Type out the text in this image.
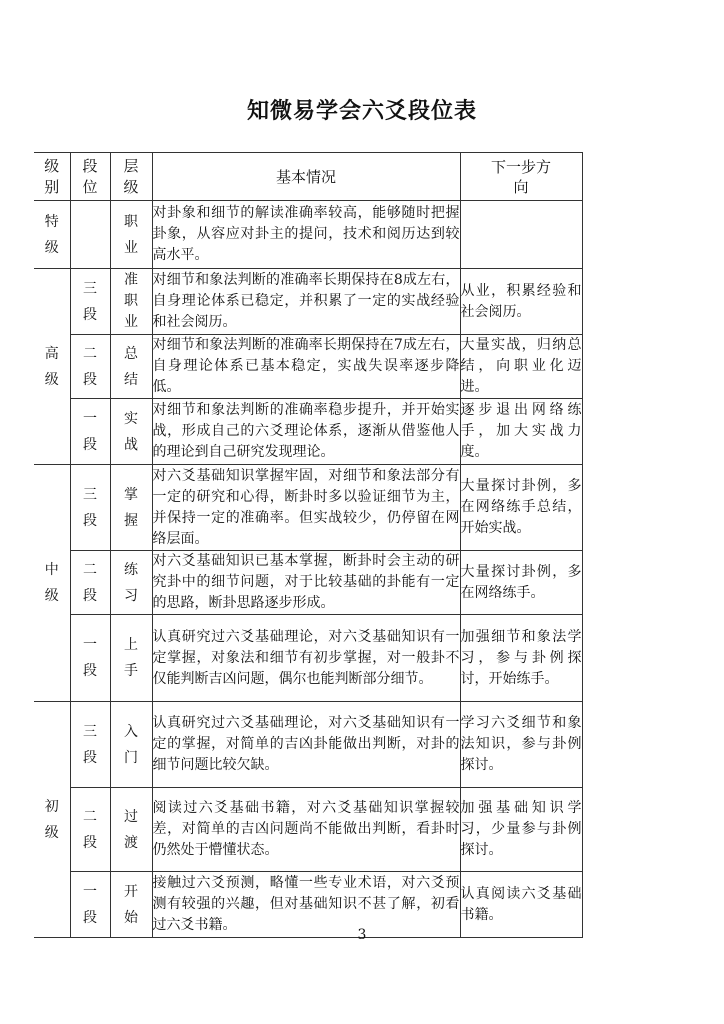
知微易学会六爻段位表
级别	段位	层级	基本情况	下一步方向
特级		职业	对卦象和细节的解读准确率较高，能够随时把握卦象，从容应对卦主的提问，技术和阅历达到较高水平。	
高级	三段	准职业	对细节和象法判断的准确率长期保持在8成左右，自身理论体系已稳定，并积累了一定的实战经验和社会阅历。	从业，积累经验和社会阅历。
	二段	总结	对细节和象法判断的准确率长期保持在7成左右，自身理论体系已基本稳定，实战失误率逐步降低。	大量实战，归纳总结，向职业化迈进。
	一段	实战	对细节和象法判断的准确率稳步提升，并开始实战，形成自己的六爻理论体系，逐渐从借鉴他人的理论到自己研究发现理论。	逐步退出网络练手，加大实战力度。
中级	三段	掌握	对六爻基础知识掌握牢固，对细节和象法部分有一定的研究和心得，断卦时多以验证细节为主，并保持一定的准确率。但实战较少，仍停留在网络层面。	大量探讨卦例，多在网络练手总结，开始实战。
	二段	练习	对六爻基础知识已基本掌握，断卦时会主动的研究卦中的细节问题，对于比较基础的卦能有一定的思路，断卦思路逐步形成。	大量探讨卦例，多在网络练手。
	一段	上手	认真研究过六爻基础理论，对六爻基础知识有一定掌握，对象法和细节有初步掌握，对一般卦不仅能判断吉凶问题，偶尔也能判断部分细节。	加强细节和象法学习，参与卦例探讨，开始练手。
初级	三段	入门	认真研究过六爻基础理论，对六爻基础知识有一定的掌握，对简单的吉凶卦能做出判断，对卦的细节问题比较欠缺。	学习六爻细节和象法知识，参与卦例探讨。
	二段	过渡	阅读过六爻基础书籍，对六爻基础知识掌握较差，对简单的吉凶问题尚不能做出判断，看卦时仍然处于懵懂状态。	加强基础知识学习，少量参与卦例探讨。
	一段	开始	接触过六爻预测，略懂一些专业术语，对六爻预测有较强的兴趣，但对基础知识不甚了解，初看过六爻书籍。	认真阅读六爻基础书籍。
3
